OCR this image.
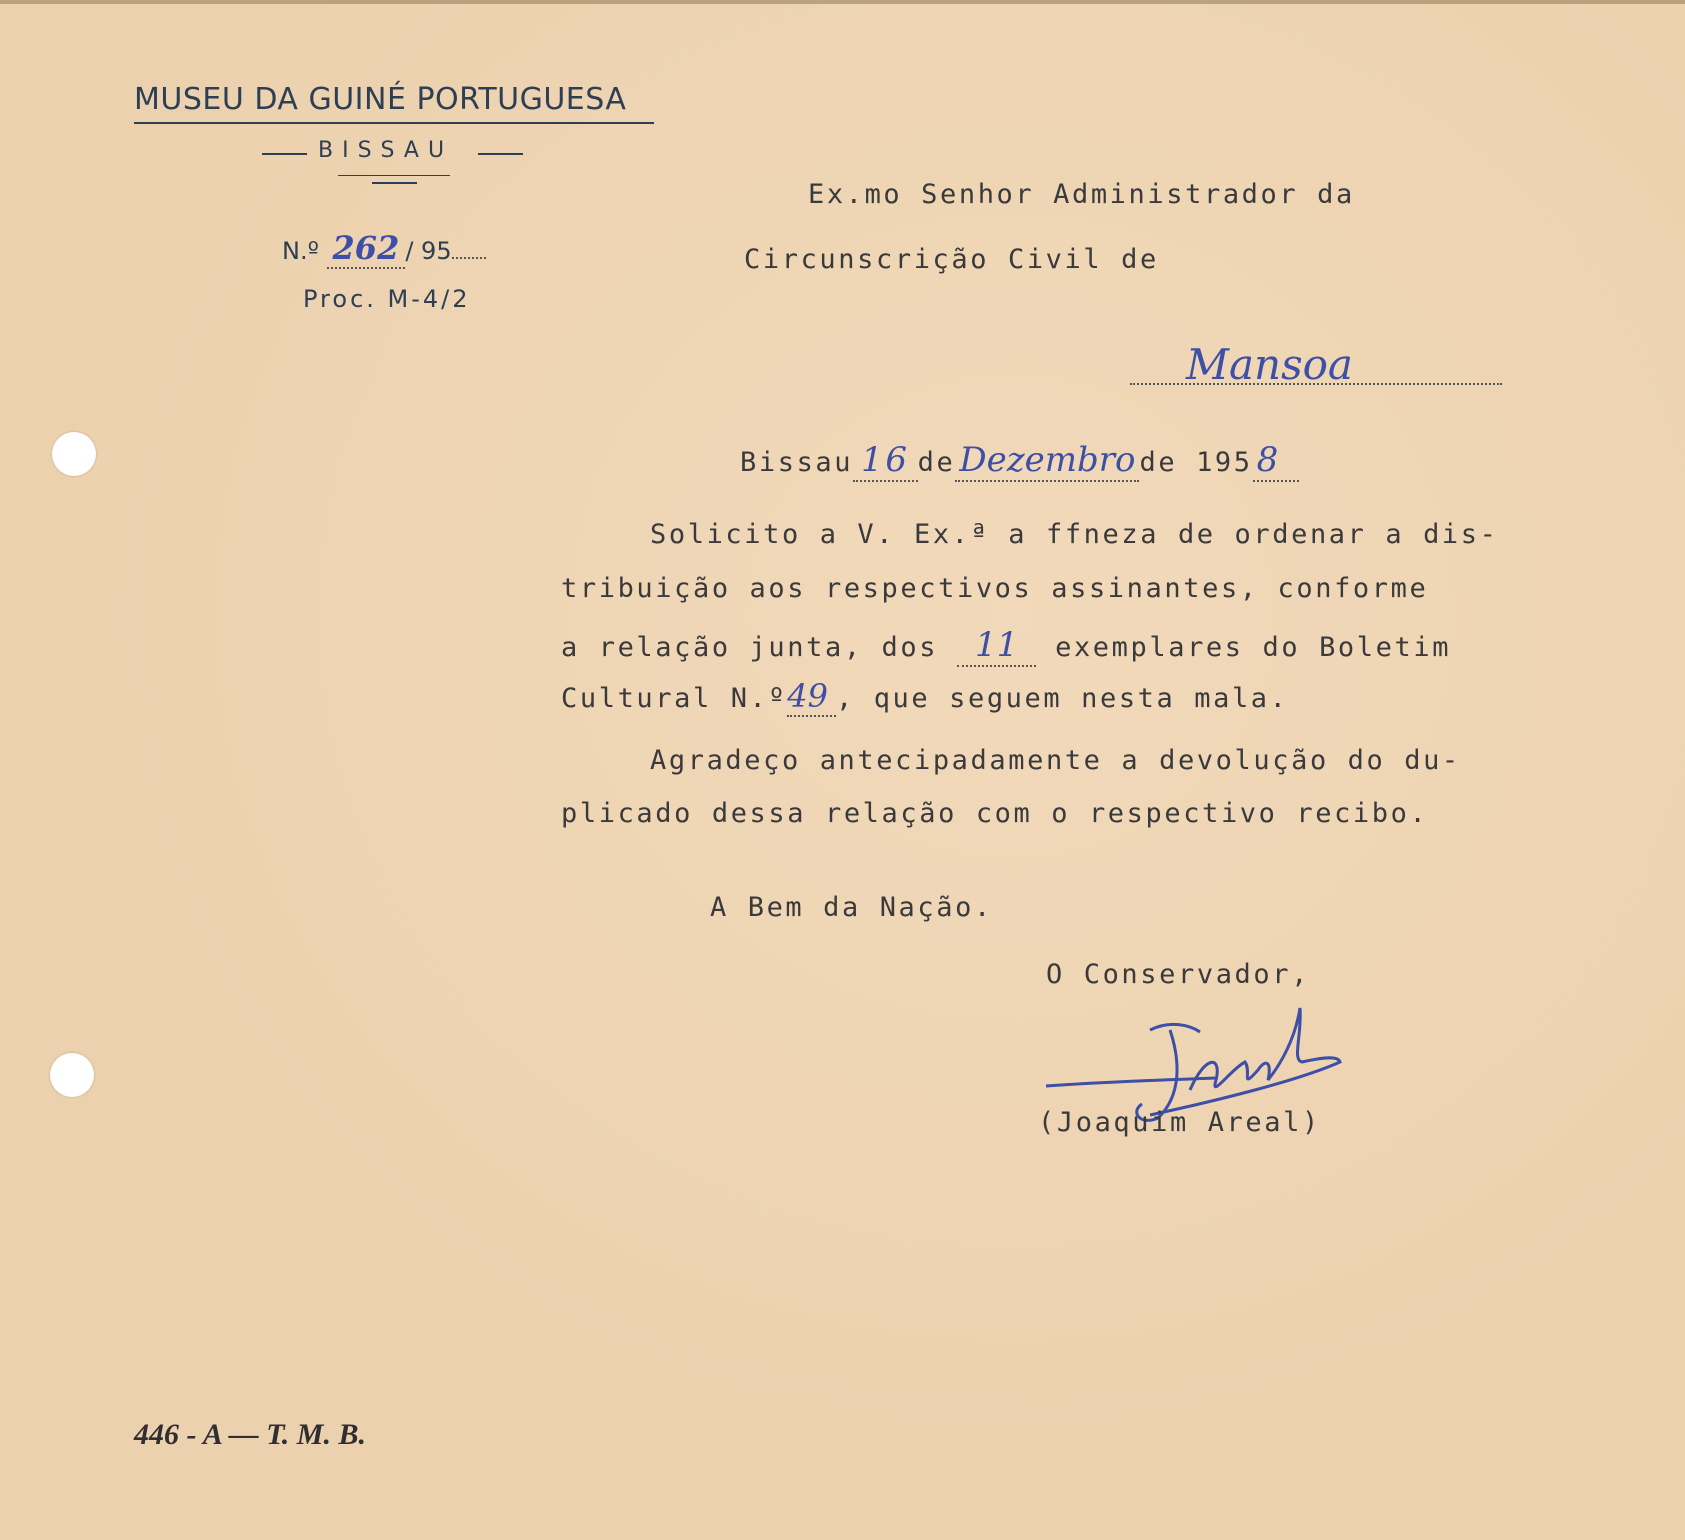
MUSEU DA GUINÉ PORTUGUESA
BISSAU
N.º 262 / 95
Proc. M-4/2
Ex.mo Senhor Administrador da
Circunscrição Civil de
Mansoa
Bissau 16 de Dezembro de 195 8
Solicito a V. Ex.ª a ffneza de ordenar a dis-
tribuição aos respectivos assinantes, conforme
a relação junta, dos 11 exemplares do Boletim
Cultural N.º49 , que seguem nesta mala.
Agradeço antecipadamente a devolução do du-
plicado dessa relação com o respectivo recibo.
A Bem da Nação.
O Conservador,
(Joaquim Areal)
446 - A — T. M. B.
